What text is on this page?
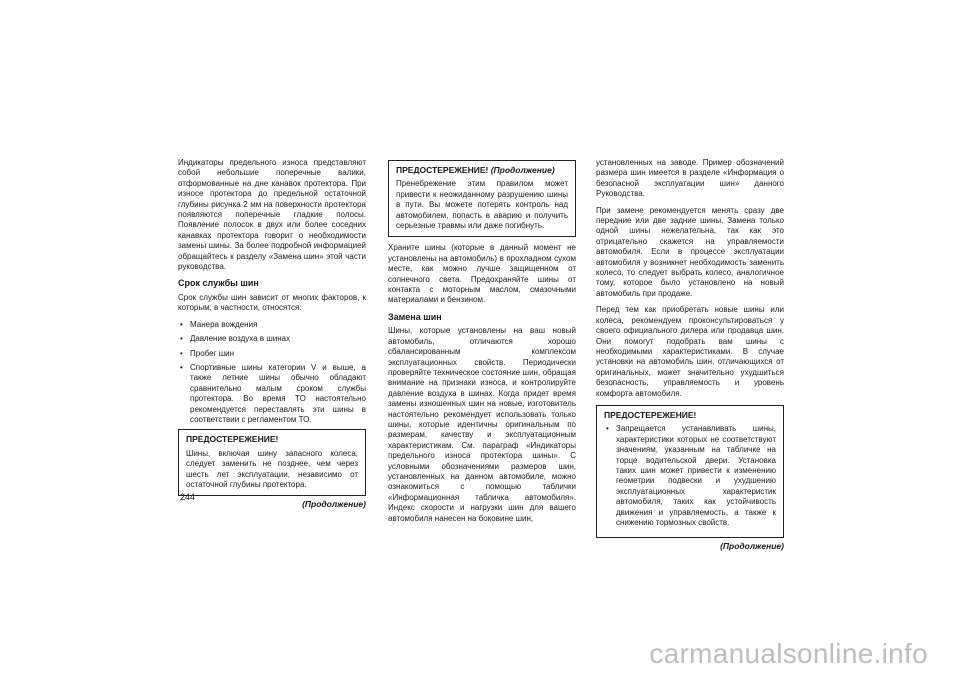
Индикаторы предельного износа представляют собой небольшие поперечные валики, отформованные на дне канавок протектора. При износе протектора до предельной остаточной глубины рисунка 2 мм на поверхности протектора появляются поперечные гладкие полосы. Появление полосок в двух или более соседних канавках протектора говорит о необходимости замены шины. За более подробной информацией обращайтесь к разделу «Замена шин» этой части руководства.

Срок службы шин

Срок службы шин зависит от многих факторов, к которым, в частности, относятся:

• Манера вождения
• Давление воздуха в шинах
• Пробег шин
• Спортивные шины категории V и выше, а также летние шины обычно обладают сравнительно малым сроком службы протектора. Во время ТО настоятельно рекомендуется переставлять эти шины в соответствии с регламентом ТО.
ПРЕДОСТЕРЕЖЕНИЕ!

Шины, включая шину запасного колеса, следует заменить не позднее, чем через шесть лет эксплуатации, независимо от остаточной глубины протектора.

(Продолжение)

ПРЕДОСТЕРЕЖЕНИЕ! (Продолжение)

Пренебрежение этим правилом может привести к неожиданному разрушению шины в пути. Вы можете потерять контроль над автомобилем, попасть в аварию и получить серьезные травмы или даже погибнуть.

Храните шины (которые в данный момент не установлены на автомобиль) в прохладном сухом месте, как можно лучше защищенном от солнечного света. Предохраняйте шины от контакта с моторным маслом, смазочными материалами и бензином.

Замена шин

Шины, которые установлены на ваш новый автомобиль, отличаются хорошо сбалансированным комплексом эксплуатационных свойств. Периодически проверяйте техническое состояние шин, обращая внимание на признаки износа, и контролируйте давление воздуха в шинах. Когда придет время замены изношенных шин на новые, изготовитель настоятельно рекомендует использовать только шины, которые идентичны оригинальным по размерам, качеству и эксплуатационным характеристикам. См. параграф «Индикаторы предельного износа протектора шины». С условными обозначениями размеров шин, установленных на данном автомобиле, можно ознакомиться с помощью таблички «Информационная табличка автомобиля». Индекс скорости и нагрузки шин для вашего автомобиля нанесен на боковине шин,

установленных на заводе. Пример обозначений размера шин имеется в разделе «Информация о безопасной эксплуатации шин» данного Руководства.

При замене рекомендуется менять сразу две передние или две задние шины. Замена только одной шины нежелательна, так как это отрицательно скажется на управляемости автомобиля. Если в процессе эксплуатации автомобиля у возникнет необходимость заменить колесо, то следует выбрать колесо, аналогичное тому, которое было установлено на новый автомобиль при продаже.

Перед тем как приобретать новые шины или колеса, рекомендуем проконсультироваться у своего официального дилера или продавца шин. Они помогут подобрать вам шины с необходимыми характеристиками. В случае установки на автомобиль шин, отличающихся от оригинальных, может значительно ухудшиться безопасность, управляемость и уровень комфорта автомобиля.

ПРЕДОСТЕРЕЖЕНИЕ!
• Запрещается устанавливать шины, характеристики которых не соответствуют значениям, указанным на табличке на торце водительской двери. Установка таких шин может привести к изменению геометрии подвески и ухудшению эксплуатационных характеристик автомобиля, таких как устойчивость движения и управляемость, а также к снижению тормозных свойств.

(Продолжение)

244
carmanualsonline.info
